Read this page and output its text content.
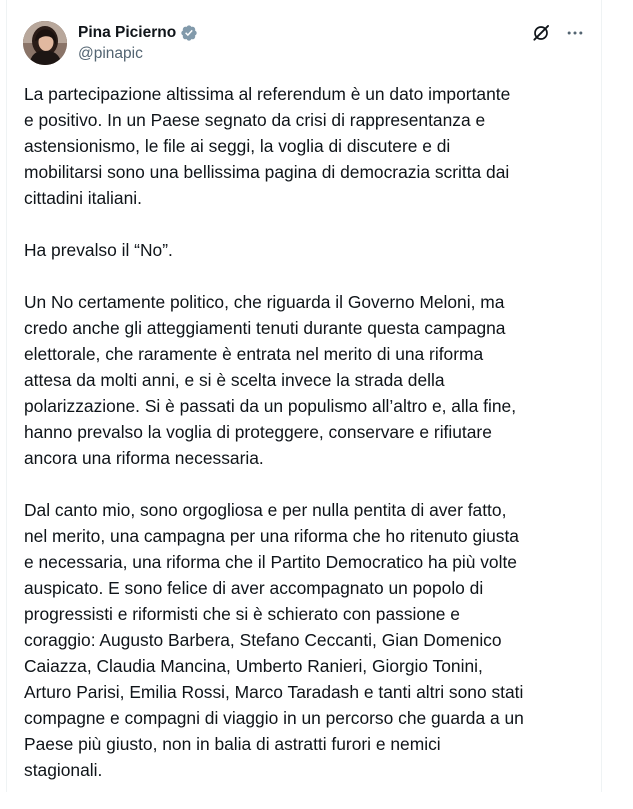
Pina Picierno
@pinapic

La partecipazione altissima al referendum è un dato importante
e positivo. In un Paese segnato da crisi di rappresentanza e
astensionismo, le file ai seggi, la voglia di discutere e di
mobilitarsi sono una bellissima pagina di democrazia scritta dai
cittadini italiani.

Ha prevalso il “No”.

Un No certamente politico, che riguarda il Governo Meloni, ma
credo anche gli atteggiamenti tenuti durante questa campagna
elettorale, che raramente è entrata nel merito di una riforma
attesa da molti anni, e si è scelta invece la strada della
polarizzazione. Si è passati da un populismo all’altro e, alla fine,
hanno prevalso la voglia di proteggere, conservare e rifiutare
ancora una riforma necessaria.

Dal canto mio, sono orgogliosa e per nulla pentita di aver fatto,
nel merito, una campagna per una riforma che ho ritenuto giusta
e necessaria, una riforma che il Partito Democratico ha più volte
auspicato. E sono felice di aver accompagnato un popolo di
progressisti e riformisti che si è schierato con passione e
coraggio: Augusto Barbera, Stefano Ceccanti, Gian Domenico
Caiazza, Claudia Mancina, Umberto Ranieri, Giorgio Tonini,
Arturo Parisi, Emilia Rossi, Marco Taradash e tanti altri sono stati
compagne e compagni di viaggio in un percorso che guarda a un
Paese più giusto, non in balia di astratti furori e nemici
stagionali.
